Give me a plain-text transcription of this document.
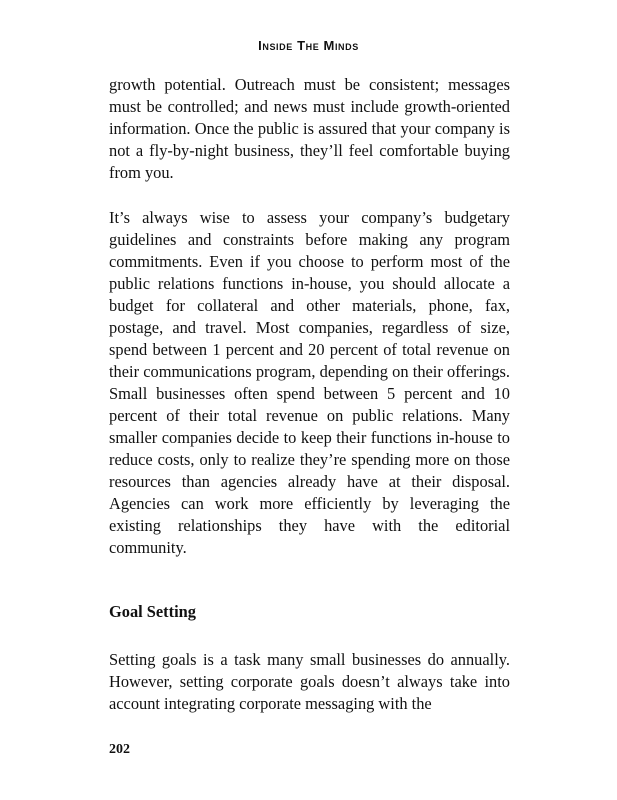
Inside The Minds

growth potential. Outreach must be consistent; messages must be controlled; and news must include growth-oriented information. Once the public is assured that your company is not a fly-by-night business, they’ll feel comfortable buying from you.

It’s always wise to assess your company’s budgetary guidelines and constraints before making any program commitments. Even if you choose to perform most of the public relations functions in-house, you should allocate a budget for collateral and other materials, phone, fax, postage, and travel. Most companies, regardless of size, spend between 1 percent and 20 percent of total revenue on their communications program, depending on their offerings. Small businesses often spend between 5 percent and 10 percent of their total revenue on public relations. Many smaller companies decide to keep their functions in-house to reduce costs, only to realize they’re spending more on those resources than agencies already have at their disposal. Agencies can work more efficiently by leveraging the existing relationships they have with the editorial community.

Goal Setting

Setting goals is a task many small businesses do annually. However, setting corporate goals doesn’t always take into account integrating corporate messaging with the

202
